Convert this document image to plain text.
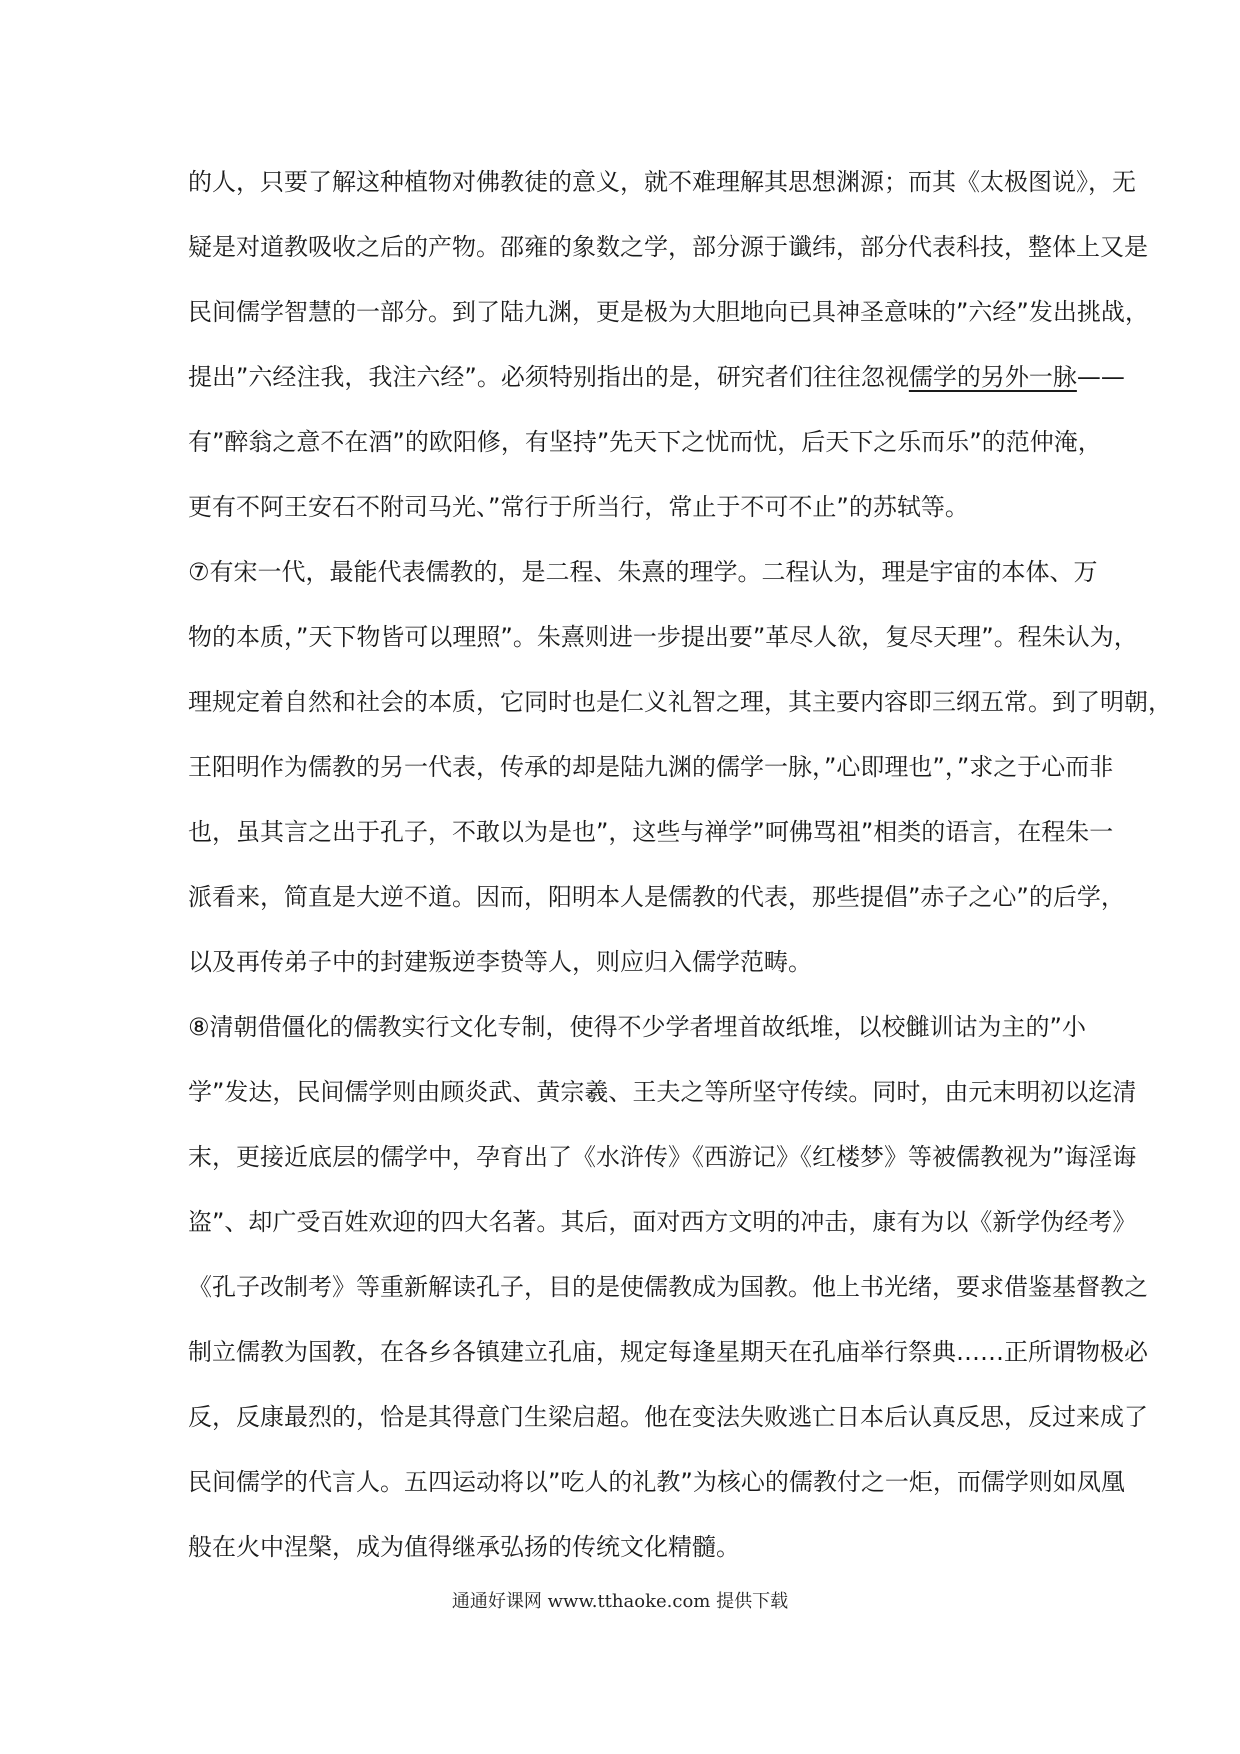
的人，只要了解这种植物对佛教徒的意义，就不难理解其思想渊源；而其《太极图说》，无
疑是对道教吸收之后的产物。邵雍的象数之学，部分源于谶纬，部分代表科技，整体上又是
民间儒学智慧的一部分。到了陆九渊，更是极为大胆地向已具神圣意味的”六经”发出挑战，
提出”六经注我，我注六经”。必须特别指出的是，研究者们往往忽视儒学的另外一脉——
有”醉翁之意不在酒”的欧阳修，有坚持”先天下之忧而忧，后天下之乐而乐”的范仲淹，
更有不阿王安石不附司马光、”常行于所当行，常止于不可不止”的苏轼等。
⑦有宋一代，最能代表儒教的，是二程、朱熹的理学。二程认为，理是宇宙的本体、万
物的本质，”天下物皆可以理照”。朱熹则进一步提出要”革尽人欲，复尽天理”。程朱认为，
理规定着自然和社会的本质，它同时也是仁义礼智之理，其主要内容即三纲五常。到了明朝，
王阳明作为儒教的另一代表，传承的却是陆九渊的儒学一脉，”心即理也”，”求之于心而非
也，虽其言之出于孔子，不敢以为是也”，这些与禅学”呵佛骂祖”相类的语言，在程朱一
派看来，简直是大逆不道。因而，阳明本人是儒教的代表，那些提倡”赤子之心”的后学，
以及再传弟子中的封建叛逆李贽等人，则应归入儒学范畴。
⑧清朝借僵化的儒教实行文化专制，使得不少学者埋首故纸堆，以校雠训诂为主的”小
学”发达，民间儒学则由顾炎武、黄宗羲、王夫之等所坚守传续。同时，由元末明初以迄清
末，更接近底层的儒学中，孕育出了《水浒传》《西游记》《红楼梦》等被儒教视为”诲淫诲
盗”、却广受百姓欢迎的四大名著。其后，面对西方文明的冲击，康有为以《新学伪经考》
《孔子改制考》等重新解读孔子，目的是使儒教成为国教。他上书光绪，要求借鉴基督教之
制立儒教为国教，在各乡各镇建立孔庙，规定每逢星期天在孔庙举行祭典……正所谓物极必
反，反康最烈的，恰是其得意门生梁启超。他在变法失败逃亡日本后认真反思，反过来成了
民间儒学的代言人。五四运动将以”吃人的礼教”为核心的儒教付之一炬，而儒学则如凤凰
般在火中涅槃，成为值得继承弘扬的传统文化精髓。
通通好课网 www.tthaoke.com 提供下载
